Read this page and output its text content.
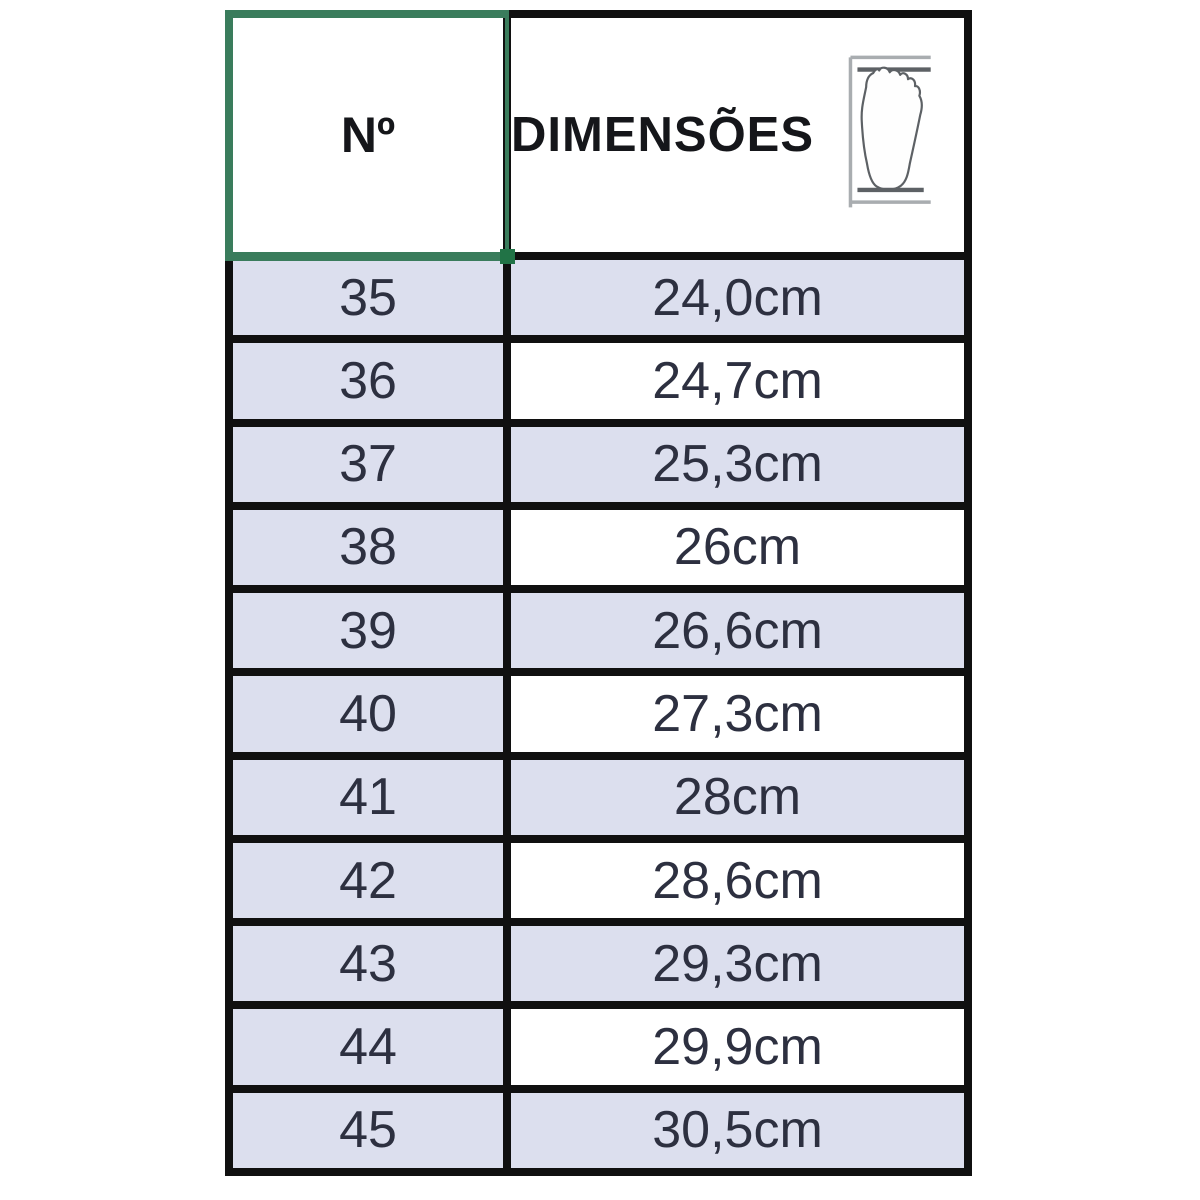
Nº DIMENSÕES
35	24,0cm
36	24,7cm
37	25,3cm
38	26cm
39	26,6cm
40	27,3cm
41	28cm
42	28,6cm
43	29,3cm
44	29,9cm
45	30,5cm
